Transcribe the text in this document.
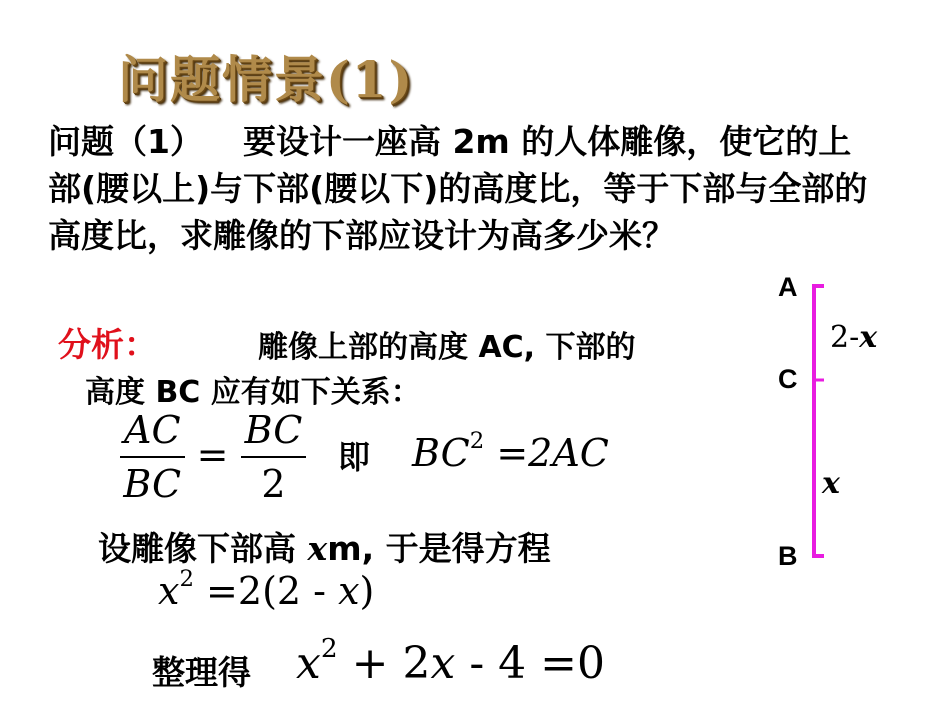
问题情景(1)
问题（1） 要设计一座高 2m 的人体雕像，使它的上部(腰以上)与下部(腰以下)的高度比，等于下部与全部的高度比，求雕像的下部应设计为高多少米？
分析：	雕像上部的高度 AC, 下部的
高度 BC 应有如下关系：
$\frac{AC}{BC} = \frac{BC}{2}$ 即 $BC^2 =2AC$
设雕像下部高 xm, 于是得方程
$x^2 =2(2 - x)$
整理得 $x^2 + 2x - 4 =0$
A
C
B
2-x
x
